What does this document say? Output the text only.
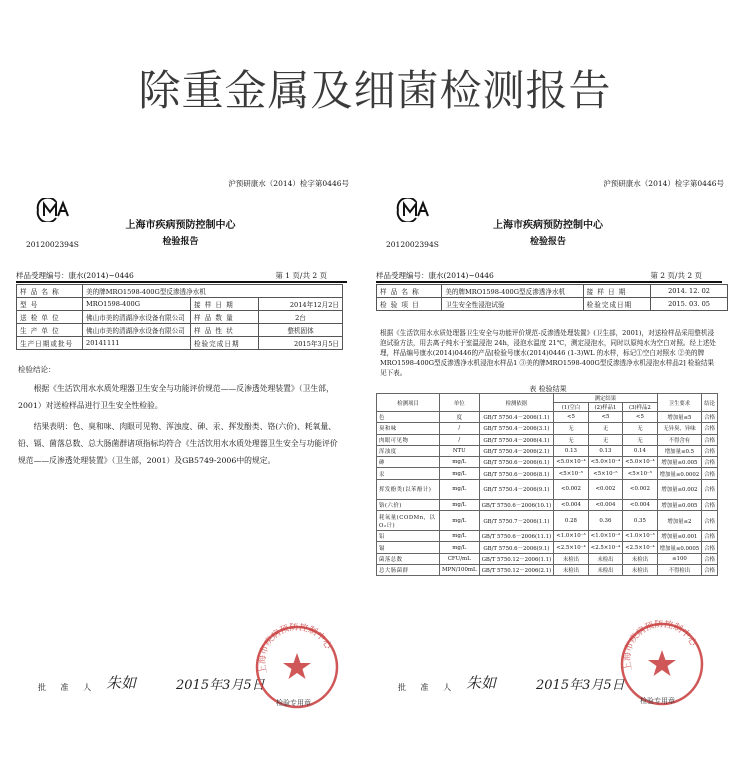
除重金属及细菌检测报告
沪预研康水（2014）检字第0446号
2012002394S
上海市疾病预防控制中心
检验报告
样品受理编号：康水(2014)~0446	第 1 页/共 2 页
样 品 名 称	美的牌MRO1598-400G型反渗透净水机		
型 号	MRO1598-400G	接 样 日 期	2014年12月2日
送 检 单 位	佛山市美的清湖净水设备有限公司	样 品 数 量	2台
生 产 单 位	佛山市美的清湖净水设备有限公司	样 品 性 状	整机固体
生产日期或批号	20141111	检验完成日期	2015年3月5日
检验结论：
根据《生活饮用水水质处理器卫生安全与功能评价规范——反渗透处理装置》（卫生部，2001）对送检样品进行卫生安全性检验。
结果表明：色、臭和味、肉眼可见物、浑浊度、砷、汞、挥发酚类、铬(六价)、耗氧量、铅、镉、菌落总数、总大肠菌群诸项指标均符合《生活饮用水水质处理器卫生安全与功能评价规范——反渗透处理装置》（卫生部，2001）及GB5749-2006中的规定。
批 准 人 朱如	2015年3月5日
上海市疾病预防控制中心
检验专用章
沪预研康水（2014）检字第0446号
2012002394S
上海市疾病预防控制中心
检验报告
样品受理编号：康水(2014)~0446	第 2 页/共 2 页
样 品 名 称	美的牌MRO1598-400G型反渗透净水机	接 样 日 期	2014. 12. 02
检 验 项 目	卫生安全性浸泡试验	检验完成日期	2015. 03. 05
根据《生活饮用水水质处理器卫生安全与功能评价规范-反渗透处理装置》(卫生部，2001)，对送检样品采用整机浸泡试验方法，用去离子纯水于室温浸泡 24h，浸泡水温度 21℃，测定浸泡水，同时以原纯水为空白对照。经上述处理，样品编号康水(2014)0446的产品[检验号康水(2014)0446 (1-3)WL 的水样，标记①空白对照水 ②美的牌MRO1598-400G型反渗透净水机浸泡水样品1 ③美的牌MRO1598-400G型反渗透净水机浸泡水样品2] 检验结果见下表。
表 检验结果
检测项目	单位	检测依据	测定结果			卫生要求	结论
			(1)空白	(2)样品1	(3)样品2		
色	度	GB/T 5750.4－2006(1.1)	<5	<5	<5	增加量≤5	合格
臭和味	/	GB/T 5750.4－2006(3.1)	无	无	无	无异臭、异味	合格
肉眼可见物	/	GB/T 5750.4－2006(4.1)	无	无	无	不得含有	合格
浑浊度	NTU	GB/T 5750.4－2006(2.1)	0.13	0.13	0.14	增加量≤0.5	合格
砷	mg/L	GB/T 5750.6－2006(6.1)	<5.0×10⁻⁴	<5.0×10⁻⁴	<5.0×10⁻⁴	增加量≤0.005	合格
汞	mg/L	GB/T 5750.6－2006(8.1)	<5×10⁻⁵	<5×10⁻⁵	<5×10⁻⁵	增加量≤0.0002	合格
挥发酚类(以苯酚计)	mg/L	GB/T 5750.4－2006(9.1)	<0.002	<0.002	<0.002	增加量≤0.002	合格
铬(六价)	mg/L	GB/T 5750.6－2006(10.1)	<0.004	<0.004	<0.004	增加量≤0.005	合格
耗氧量(CODMn，以 O₂计)	mg/L	GB/T 5750.7－2006(1.1)	0.28	0.36	0.35	增加量≤2	合格
铅	mg/L	GB/T 5750.6－2006(11.1)	<1.0×10⁻³	<1.0×10⁻³	<1.0×10⁻³	增加量≤0.001	合格
镉	mg/L	GB/T 5750.6－2006(9.1)	<2.5×10⁻⁴	<2.5×10⁻⁴	<2.5×10⁻⁴	增加量≤0.0005	合格
菌落总数	CFU/mL	GB/T 5750.12－2006(1.1)	未检出	未检出	未检出	≤100	合格
总大肠菌群	MPN/100mL	GB/T 5750.12－2006(2.1)	未检出	未检出	未检出	不得检出	合格
批 准 人 朱如	2015年3月5日
上海市疾病预防控制中心
检验专用章
